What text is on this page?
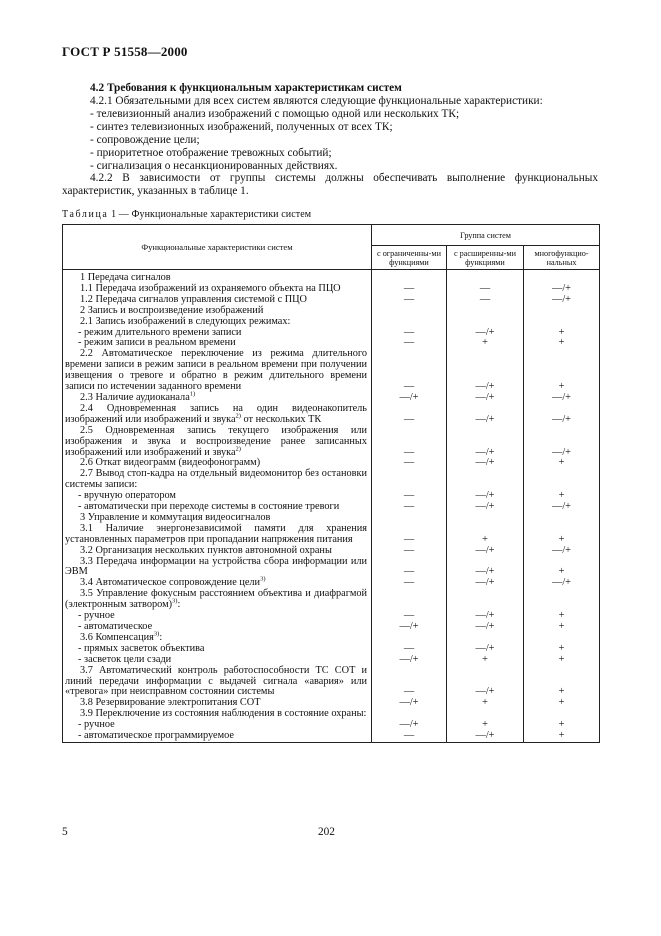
ГОСТ Р 51558—2000
4.2 Требования к функциональным характеристикам систем
4.2.1 Обязательными для всех систем являются следующие функциональные характеристики:
- телевизионный анализ изображений с помощью одной или нескольких ТК;
- синтез телевизионных изображений, полученных от всех ТК;
- сопровождение цели;
- приоритетное отображение тревожных событий;
- сигнализация о несанкционированных действиях.
4.2.2 В зависимости от группы системы должны обеспечивать выполнение функциональных характеристик, указанных в таблице 1.
Таблица 1 — Функциональные характеристики систем
Функциональные характеристики систем	Группа систем		
	с ограниченны-ми функциями	с расширенны-ми функциями	многофункцио-нальных
1 Передача сигналов			
1.1 Передача изображений из охраняемого объекта на ПЦО	—	—	—/+
1.2 Передача сигналов управления системой с ПЦО	—	—	—/+
2 Запись и воспроизведение изображений			
2.1 Запись изображений в следующих режимах:			
- режим длительного времени записи	—	—/+	+
- режим записи в реальном времени	—	+	+
2.2 Автоматическое переключение из режима длительного времени записи в режим записи в реальном времени при получении извещения о тревоге и обратно в режим длительного времени записи по истечении заданного времени	—	—/+	+
2.3 Наличие аудиоканала$^{1)}$	—/+	—/+	—/+
2.4 Одновременная запись на один видеонакопитель изображений или изображений и звука$^{2)}$ от нескольких ТК	—	—/+	—/+
2.5 Одновременная запись текущего изображения или изображения и звука и воспроизведение ранее записанных изображений или изображений и звука$^{2)}$	—	—/+	—/+
2.6 Откат видеограмм (видеофонограмм)	—	—/+	+
2.7 Вывод стоп-кадра на отдельный видеомонитор без остановки системы записи:			
- вручную оператором	—	—/+	+
- автоматически при переходе системы в состояние тревоги	—	—/+	—/+
3 Управление и коммутация видеосигналов			
3.1 Наличие энергонезависимой памяти для хранения установленных параметров при пропадании напряжения питания	—	+	+
3.2 Организация нескольких пунктов автономной охраны	—	—/+	—/+
3.3 Передача информации на устройства сбора информации или ЭВМ	—	—/+	+
3.4 Автоматическое сопровождение цели$^{3)}$	—	—/+	—/+
3.5 Управление фокусным расстоянием объектива и диафрагмой (электронным затвором)$^{3)}$:			
- ручное	—	—/+	+
- автоматическое	—/+	—/+	+
3.6 Компенсация$^{3)}$:			
- прямых засветок объектива	—	—/+	+
- засветок цели сзади	—/+	+	+
3.7 Автоматический контроль работоспособности ТС СОТ и линий передачи информации с выдачей сигнала «авария» или «тревога» при неисправном состоянии системы	—	—/+	+
3.8 Резервирование электропитания СОТ	—/+	+	+
3.9 Переключение из состояния наблюдения в состояние охраны:			
- ручное	—/+	+	+
- автоматическое программируемое	—	—/+	+
5	202
